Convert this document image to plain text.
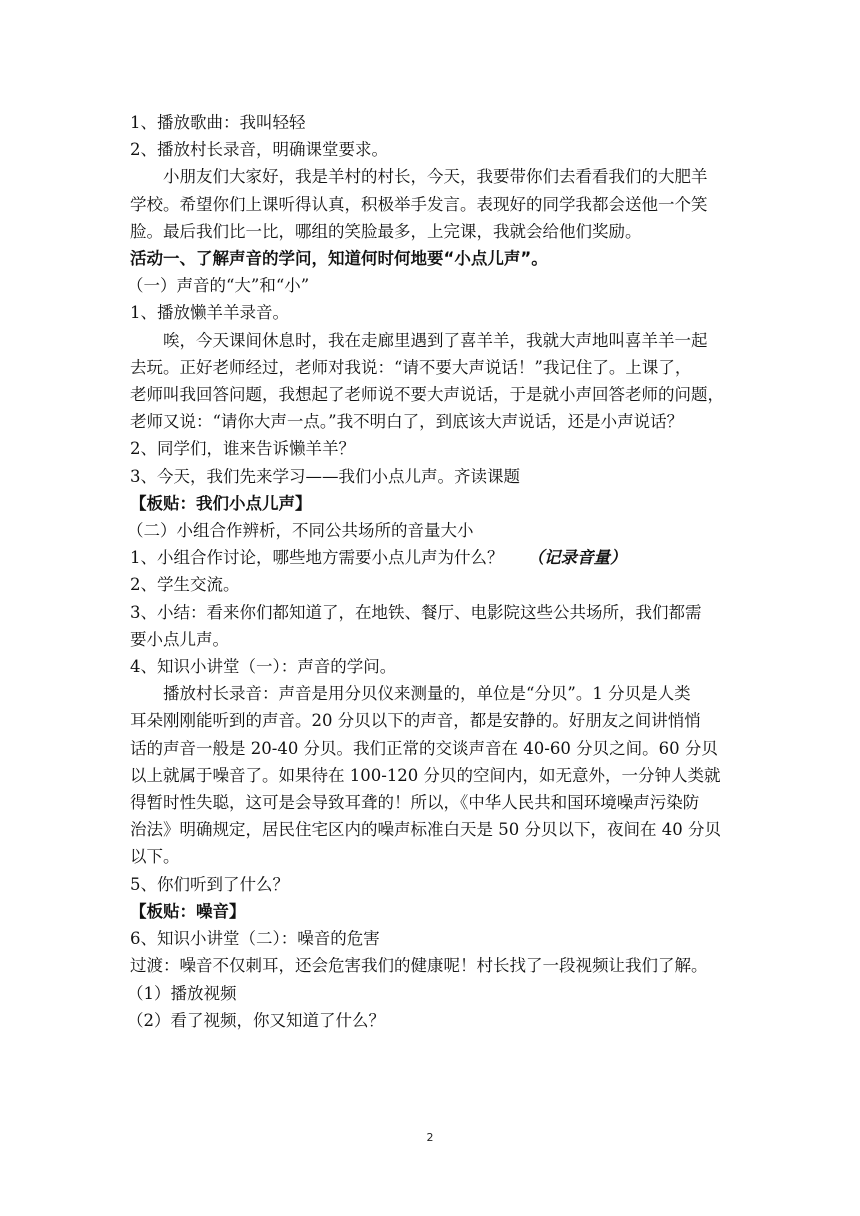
1、播放歌曲：我叫轻轻

2、播放村长录音，明确课堂要求。

小朋友们大家好，我是羊村的村长，今天，我要带你们去看看我们的大肥羊

学校。希望你们上课听得认真，积极举手发言。表现好的同学我都会送他一个笑

脸。最后我们比一比，哪组的笑脸最多，上完课，我就会给他们奖励。

活动一、了解声音的学问，知道何时何地要“小点儿声”。

（一）声音的“大”和“小”

1、播放懒羊羊录音。

唉，今天课间休息时，我在走廊里遇到了喜羊羊，我就大声地叫喜羊羊一起

去玩。正好老师经过，老师对我说：“请不要大声说话！”我记住了。上课了，

老师叫我回答问题，我想起了老师说不要大声说话，于是就小声回答老师的问题，

老师又说：“请你大声一点。”我不明白了，到底该大声说话，还是小声说话？

2、同学们，谁来告诉懒羊羊？

3、今天，我们先来学习——我们小点儿声。齐读课题

【板贴：我们小点儿声】

（二）小组合作辨析，不同公共场所的音量大小

1、小组合作讨论，哪些地方需要小点儿声为什么？ （记录音量）

2、学生交流。

3、小结：看来你们都知道了，在地铁、餐厅、电影院这些公共场所，我们都需

要小点儿声。

4、知识小讲堂（一）：声音的学问。

播放村长录音：声音是用分贝仪来测量的，单位是“分贝”。1 分贝是人类

耳朵刚刚能听到的声音。20 分贝以下的声音，都是安静的。好朋友之间讲悄悄

话的声音一般是 20-40 分贝。我们正常的交谈声音在 40-60 分贝之间。60 分贝

以上就属于噪音了。如果待在 100-120 分贝的空间内，如无意外，一分钟人类就

得暂时性失聪，这可是会导致耳聋的！所以，《中华人民共和国环境噪声污染防

治法》明确规定，居民住宅区内的噪声标准白天是 50 分贝以下，夜间在 40 分贝

以下。

5、你们听到了什么？

【板贴：噪音】

6、知识小讲堂（二）：噪音的危害

过渡：噪音不仅刺耳，还会危害我们的健康呢！村长找了一段视频让我们了解。

（1）播放视频

（2）看了视频，你又知道了什么？

2
